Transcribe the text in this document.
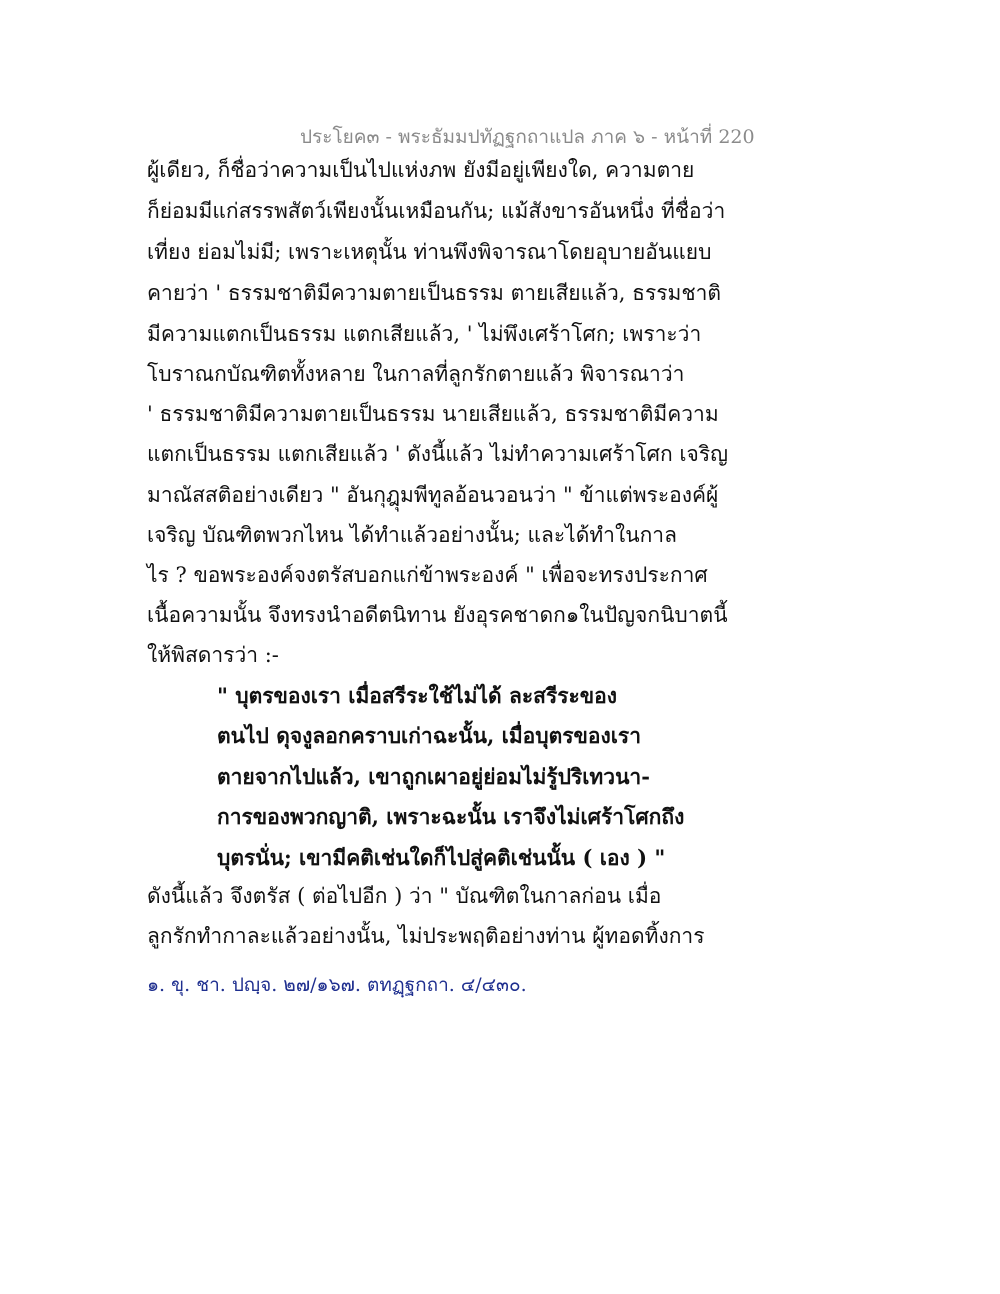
ประโยค๓ - พระธัมมปทัฏฐกถาแปล ภาค ๖ - หน้าที่ 220
ผู้เดียว, ก็ชื่อว่าความเป็นไปแห่งภพ ยังมีอยู่เพียงใด, ความตาย
ก็ย่อมมีแก่สรรพสัตว์เพียงนั้นเหมือนกัน; แม้สังขารอันหนึ่ง ที่ชื่อว่า
เที่ยง ย่อมไม่มี; เพราะเหตุนั้น ท่านพึงพิจารณาโดยอุบายอันแยบ
คายว่า ' ธรรมชาติมีความตายเป็นธรรม ตายเสียแล้ว, ธรรมชาติ
มีความแตกเป็นธรรม แตกเสียแล้ว, ' ไม่พึงเศร้าโศก; เพราะว่า
โบราณกบัณฑิตทั้งหลาย ในกาลที่ลูกรักตายแล้ว พิจารณาว่า
' ธรรมชาติมีความตายเป็นธรรม นายเสียแล้ว, ธรรมชาติมีความ
แตกเป็นธรรม แตกเสียแล้ว ' ดังนี้แล้ว ไม่ทำความเศร้าโศก เจริญ
มาณัสสติอย่างเดียว " อันกุฎุมพีทูลอ้อนวอนว่า " ข้าแต่พระองค์ผู้
เจริญ บัณฑิตพวกไหน ได้ทำแล้วอย่างนั้น; และได้ทำในกาล
ไร ? ขอพระองค์จงตรัสบอกแก่ข้าพระองค์ " เพื่อจะทรงประกาศ
เนื้อความนั้น จึงทรงนำอดีตนิทาน ยังอุรคชาดก๑ในปัญจกนิบาตนี้
ให้พิสดารว่า :-
" บุตรของเรา เมื่อสรีระใช้ไม่ได้ ละสรีระของ
ตนไป ดุจงูลอกคราบเก่าฉะนั้น, เมื่อบุตรของเรา
ตายจากไปแล้ว, เขาถูกเผาอยู่ย่อมไม่รู้ปริเทวนา-
การของพวกญาติ, เพราะฉะนั้น เราจึงไม่เศร้าโศกถึง
บุตรนั่น; เขามีคติเช่นใดก็ไปสู่คติเช่นนั้น ( เอง ) "
ดังนี้แล้ว จึงตรัส ( ต่อไปอีก ) ว่า " บัณฑิตในกาลก่อน เมื่อ
ลูกรักทำกาละแล้วอย่างนั้น, ไม่ประพฤติอย่างท่าน ผู้ทอดทิ้งการ
๑. ขุ. ชา. ปญฺจ. ๒๗/๑๖๗. ตทฏฺฐกถา. ๔/๔๓๐.
